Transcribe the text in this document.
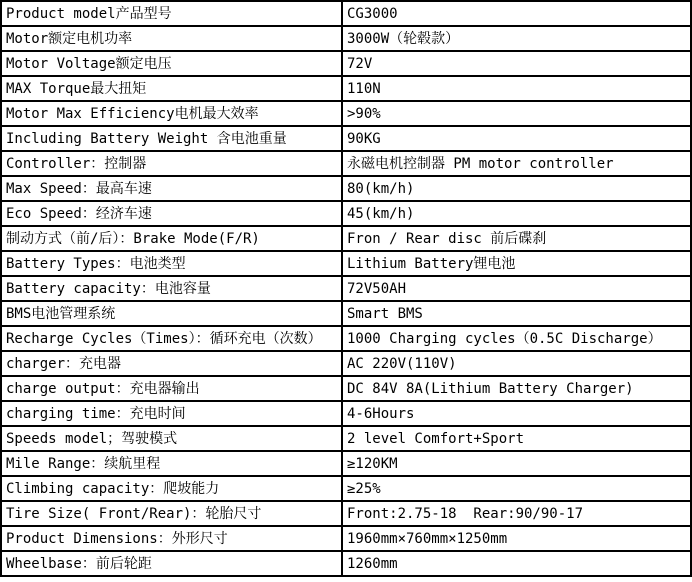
Product model产品型号	CG3000
Motor额定电机功率	3000W（轮毂款）
Motor Voltage额定电压	72V
MAX Torque最大扭矩	110N
Motor Max Efficiency电机最大效率	>90%
Including Battery Weight 含电池重量	90KG
Controller：控制器	永磁电机控制器 PM motor controller
Max Speed：最高车速	80(km/h)
Eco Speed：经济车速	45(km/h)
制动方式（前/后）：Brake Mode(F/R)	Fron / Rear disc 前后碟刹
Battery Types：电池类型	Lithium Battery锂电池
Battery capacity：电池容量	72V50AH
BMS电池管理系统	Smart BMS
Recharge Cycles（Times）：循环充电（次数）	1000 Charging cycles（0.5C Discharge）
charger：充电器	AC 220V(110V)
charge output：充电器输出	DC 84V 8A(Lithium Battery Charger)
charging time：充电时间	4-6Hours
Speeds model；驾驶模式	2 level Comfort+Sport
Mile Range：续航里程	≥120KM
Climbing capacity：爬坡能力	≥25%
Tire Size( Front/Rear)：轮胎尺寸	Front:2.75-18  Rear:90/90-17
Product Dimensions：外形尺寸	1960mm×760mm×1250mm
Wheelbase：前后轮距	1260mm
